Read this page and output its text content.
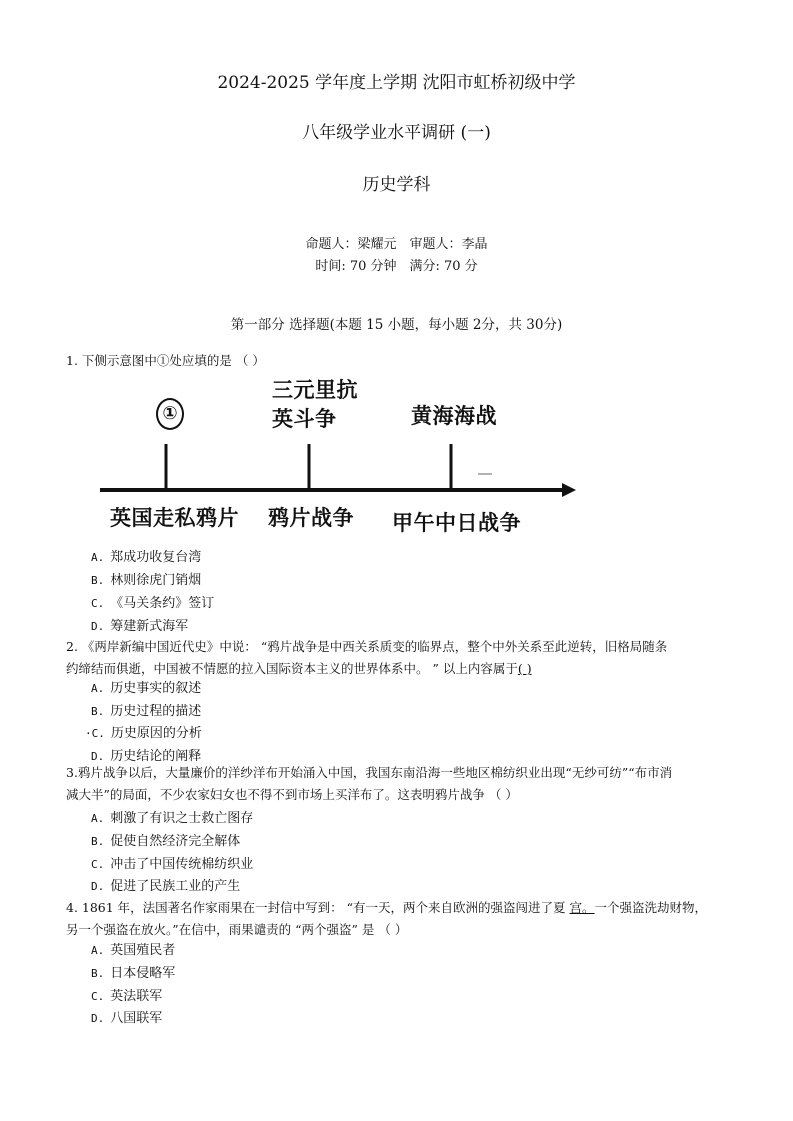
2024-2025 学年度上学期 沈阳市虹桥初级中学
八年级学业水平调研 (一)
历史学科
命题人：梁耀元　审题人：李晶
时间: 70 分钟　满分: 70 分
第一部分 选择题(本题 15 小题，每小题 2分，共 30分)
1. 下侧示意图中①处应填的是 （ ）
①
三元里抗
英斗争	黄海海战
英国走私鸦片 鸦片战争 甲午中日战争
A. 郑成功收复台湾
B. 林则徐虎门销烟
C. 《马关条约》签订
D. 筹建新式海军
2. 《两岸新编中国近代史》中说： “鸦片战争是中西关系质变的临界点，整个中外关系至此逆转，旧格局随条
约缔结而俱逝，中国被不情愿的拉入国际资本主义的世界体系中。 ” 以上内容属于( )
A. 历史事实的叙述
B. 历史过程的描述
·C. 历史原因的分析
D. 历史结论的阐释
3.鸦片战争以后，大量廉价的洋纱洋布开始涌入中国，我国东南沿海一些地区棉纺织业出现“无纱可纺”“布市消
减大半”的局面，不少农家妇女也不得不到市场上买洋布了。这表明鸦片战争 （ ）
A. 刺激了有识之士救亡图存
B. 促使自然经济完全解体
C. 冲击了中国传统棉纺织业
D. 促进了民族工业的产生
4. 1861 年，法国著名作家雨果在一封信中写到： “有一天，两个来自欧洲的强盗闯进了夏 宫。一个强盗洗劫财物，
另一个强盗在放火。”在信中，雨果谴责的 “两个强盗” 是 （ ）
A. 英国殖民者
B. 日本侵略军
C. 英法联军
D. 八国联军
